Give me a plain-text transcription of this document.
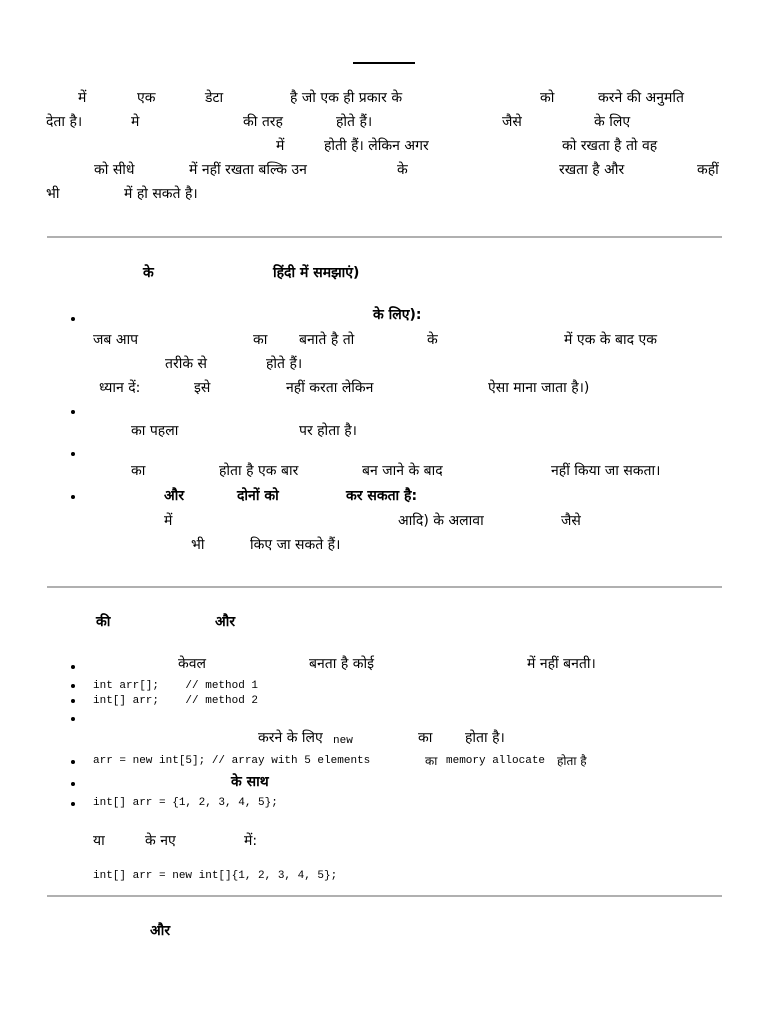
में	एक	डेटा	है जो एक ही प्रकार के	को	करने की अनुमति
देता है।	मे	की तरह	होते हैं।	जैसे	के लिए
में	होती हैं। लेकिन अगर	को रखता है तो वह
को सीधे	में नहीं रखता बल्कि उन	के	रखता है और	कहीं
भी	में हो सकते है।
के	हिंदी में समझाएं)
जब आप	का बनाते है तो	के	में एक के बाद एक
तरीके से	होते हैं।
ध्यान दें:	इसे	नहीं करता लेकिन	ऐसा माना जाता है।)
का पहला	पर होता है।
का	होता है एक बार	बन जाने के बाद	नहीं किया जा सकता।
और	दोनों को	कर सकता है:
में	आदि) के अलावा	जैसे
भी	किए जा सकते हैं।
के लिए):
की	और
केवल	बनता है कोई	में नहीं बनती।
करने के लिए	का होता है।
या	के नए	में:
int arr[];    // method 1
int[] arr;    // method 2
new
arr = new int[5]; // array with 5 elements	का memory allocate होता है
के साथ
int[] arr = {1, 2, 3, 4, 5};
int[] arr = new int[]{1, 2, 3, 4, 5};
और
